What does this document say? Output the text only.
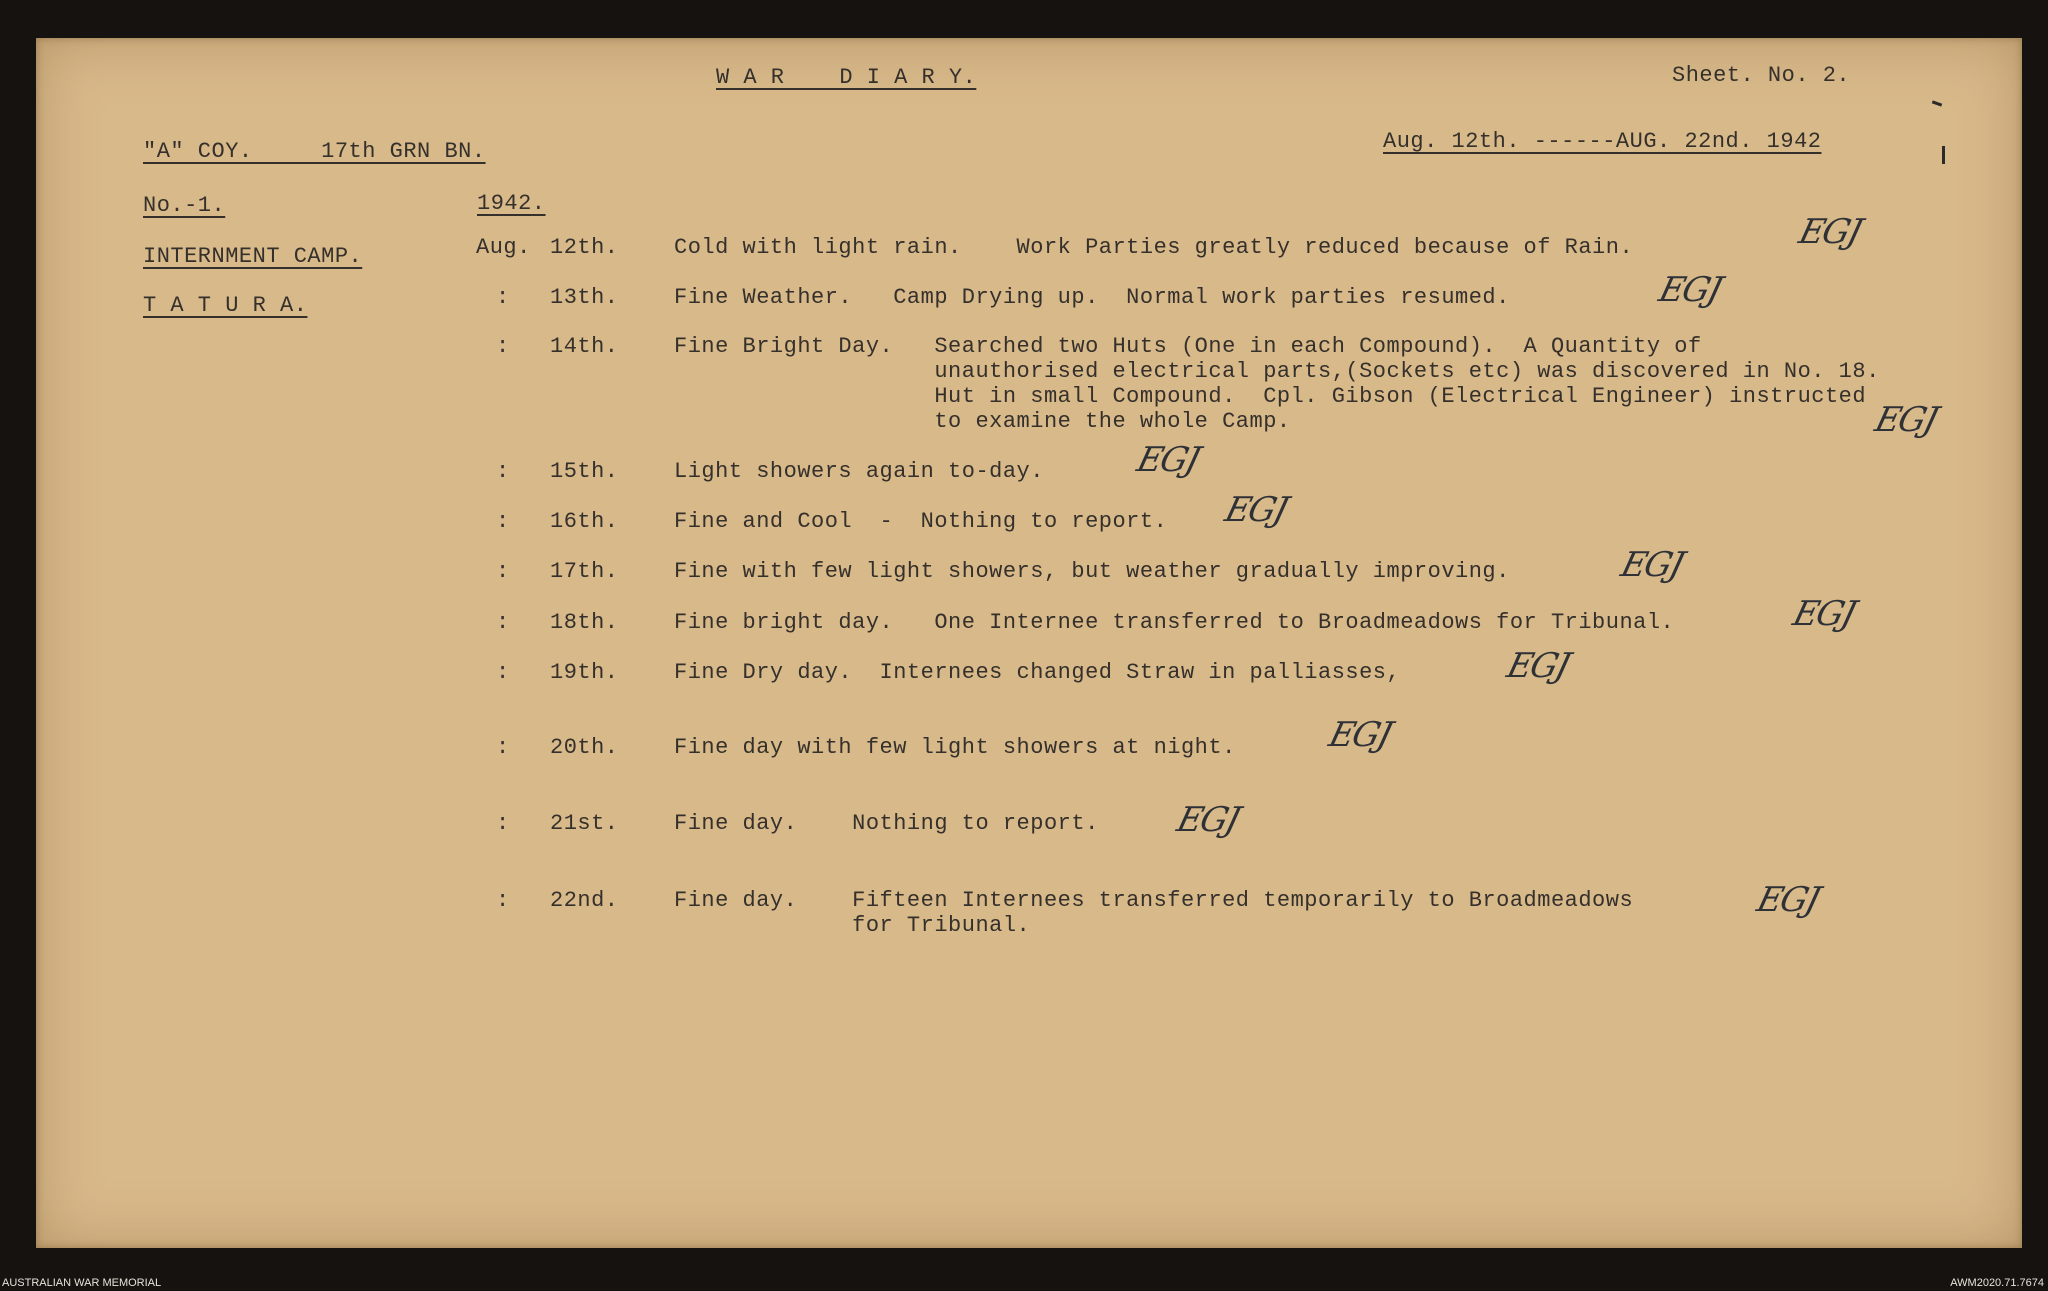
W A R    D I A R Y.	Sheet. No. 2.
"A" COY.     17th GRN BN.	Aug. 12th. ------AUG. 22nd. 1942
No.-1.	1942.
INTERNMENT CAMP.
T A T U R A.
Aug. 12th.	Cold with light rain.    Work Parties greatly reduced because of Rain.	EGJ
: 13th.	Fine Weather.   Camp Drying up.  Normal work parties resumed.	EGJ
: 14th.	Fine Bright Day.   Searched two Huts (One in each Compound).  A Quantity of
unauthorised electrical parts,(Sockets etc) was discovered in No. 18.
Hut in small Compound.  Cpl. Gibson (Electrical Engineer) instructed
to examine the whole Camp.	EGJ
: 15th.	Light showers again to-day.	EGJ
: 16th.	Fine and Cool  -  Nothing to report. EGJ
: 17th.	Fine with few light showers, but weather gradually improving.	EGJ
: 18th.	Fine bright day.   One Internee transferred to Broadmeadows for Tribunal.	EGJ
: 19th.	Fine Dry day.  Internees changed Straw in palliasses,	EGJ
: 20th.	Fine day with few light showers at night.	EGJ
: 21st.	Fine day.    Nothing to report. EGJ
: 22nd.	Fine day.    Fifteen Internees transferred temporarily to Broadmeadows
for Tribunal.
EGJ
AUSTRALIAN WAR MEMORIAL	AWM2020.71.7674
